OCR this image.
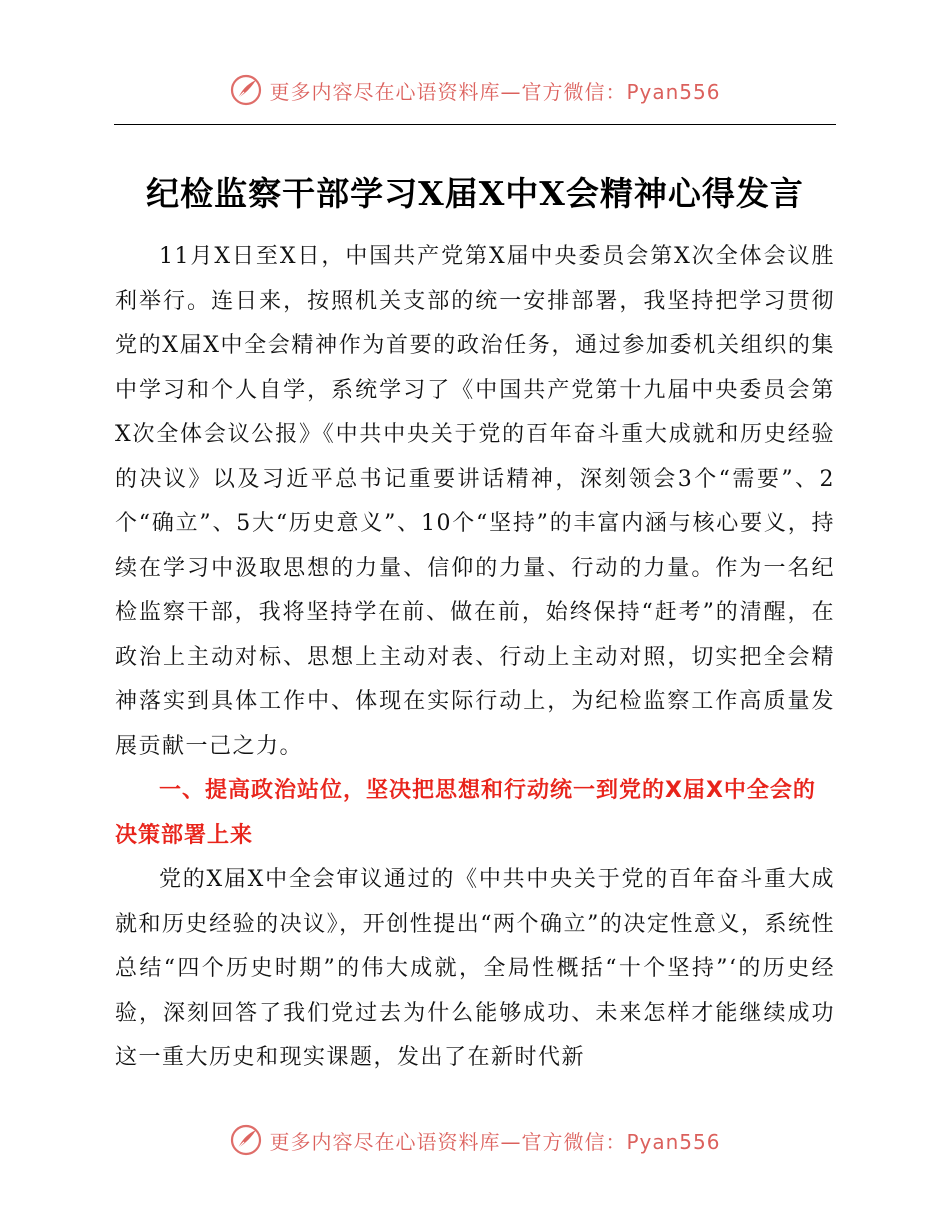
更多内容尽在心语资料库—官方微信：Pyan556
纪检监察干部学习X届X中X会精神心得发言

11月X日至X日，中国共产党第X届中央委员会第X次全体会议胜利举行。连日来，按照机关支部的统一安排部署，我坚持把学习贯彻党的X届X中全会精神作为首要的政治任务，通过参加委机关组织的集中学习和个人自学，系统学习了《中国共产党第十九届中央委员会第X次全体会议公报》《中共中央关于党的百年奋斗重大成就和历史经验的决议》以及习近平总书记重要讲话精神，深刻领会3个“需要”、2个“确立”、5大“历史意义”、10个“坚持”的丰富内涵与核心要义，持续在学习中汲取思想的力量、信仰的力量、行动的力量。作为一名纪检监察干部，我将坚持学在前、做在前，始终保持“赶考”的清醒，在政治上主动对标、思想上主动对表、行动上主动对照，切实把全会精神落实到具体工作中、体现在实际行动上，为纪检监察工作高质量发展贡献一己之力。

一、提高政治站位，坚决把思想和行动统一到党的X届X中全会的决策部署上来

党的X届X中全会审议通过的《中共中央关于党的百年奋斗重大成就和历史经验的决议》，开创性提出“两个确立”的决定性意义，系统性总结“四个历史时期”的伟大成就，全局性概括“十个坚持”‘的历史经验，深刻回答了我们党过去为什么能够成功、未来怎样才能继续成功这一重大历史和现实课题，发出了在新时代新

更多内容尽在心语资料库—官方微信：Pyan556
